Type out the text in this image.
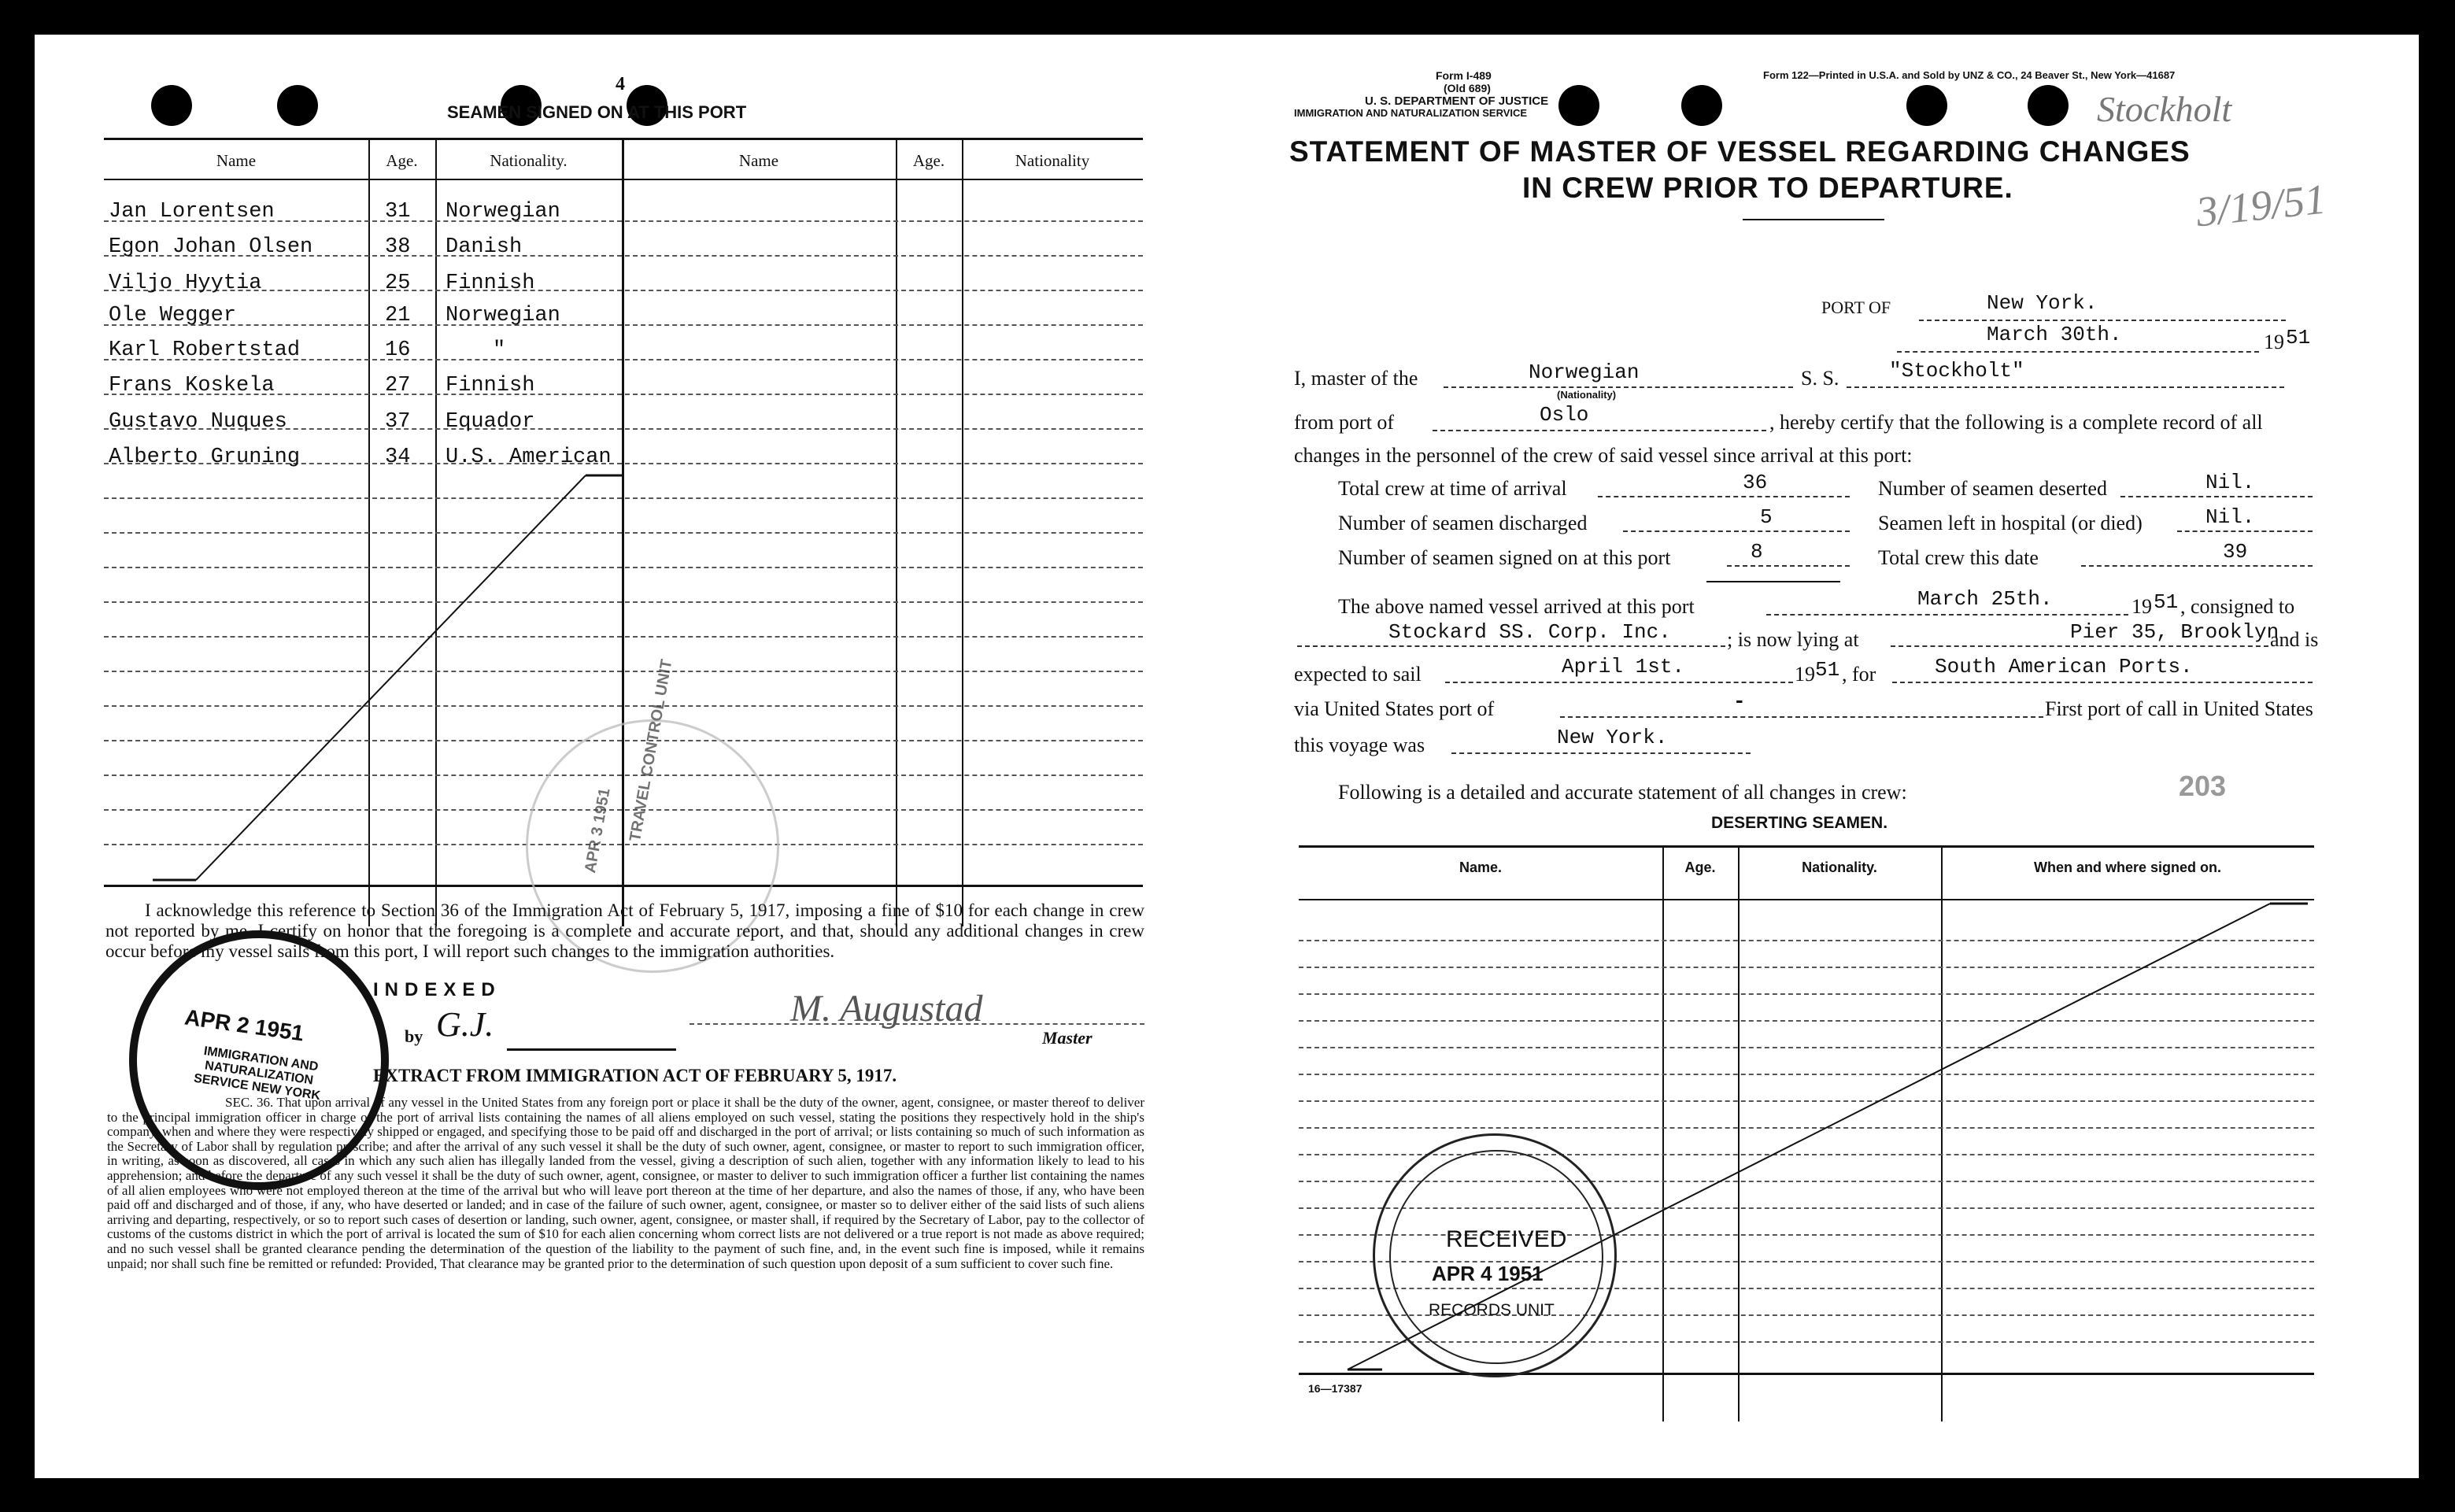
4
SEAMEN SIGNED ON AT THIS PORT
Name	Age.	Nationality.	Name	Age.	Nationality
Jan Lorentsen	31 Norwegian
Egon Johan Olsen	38 Danish
Viljo Hyytia	25 Finnish
Ole Wegger	21 Norwegian
Karl Robertstad	16	"
Frans Koskela	27 Finnish
Gustavo Nuques	37 Equador
Alberto Gruning	34 U.S. American
TRAVEL CONTROL UNIT
APR 3 1951
I acknowledge this reference to Section 36 of the Immigration Act of February 5, 1917, imposing a fine of $10 for each change in crew not reported by me. I certify on honor that the foregoing is a complete and accurate report, and that, should any additional changes in crew occur before my vessel sails from this port, I will report such changes to the immigration authorities.
INDEXED
by G.J.	M. Augustad
Master
APR 2 1951
IMMIGRATION AND NATURALIZATION SERVICE NEW YORK	EXTRACT FROM IMMIGRATION ACT OF FEBRUARY 5, 1917.
SEC. 36. That upon arrival of any vessel in the United States from any foreign port or place it shall be the duty of the owner, agent, consignee, or master thereof to deliver to the principal immigration officer in charge of the port of arrival lists containing the names of all aliens employed on such vessel, stating the positions they respectively hold in the ship's company, when and where they were respectively shipped or engaged, and specifying those to be paid off and discharged in the port of arrival; or lists containing so much of such information as the Secretary of Labor shall by regulation prescribe; and after the arrival of any such vessel it shall be the duty of such owner, agent, consignee, or master to report to such immigration officer, in writing, as soon as discovered, all cases in which any such alien has illegally landed from the vessel, giving a description of such alien, together with any information likely to lead to his apprehension; and before the departure of any such vessel it shall be the duty of such owner, agent, consignee, or master to deliver to such immigration officer a further list containing the names of all alien employees who were not employed thereon at the time of the arrival but who will leave port thereon at the time of her departure, and also the names of those, if any, who have been paid off and discharged and of those, if any, who have deserted or landed; and in case of the failure of such owner, agent, consignee, or master so to deliver either of the said lists of such aliens arriving and departing, respectively, or so to report such cases of desertion or landing, such owner, agent, consignee, or master shall, if required by the Secretary of Labor, pay to the collector of customs of the customs district in which the port of arrival is located the sum of $10 for each alien concerning whom correct lists are not delivered or a true report is not made as above required; and no such vessel shall be granted clearance pending the determination of the question of the liability to the payment of such fine, and, in the event such fine is imposed, while it remains unpaid; nor shall such fine be remitted or refunded: Provided, That clearance may be granted prior to the determination of such question upon deposit of a sum sufficient to cover such fine.
Form I-489
(Old 689)
U. S. DEPARTMENT OF JUSTICE
IMMIGRATION AND NATURALIZATION SERVICE
Form 122—Printed in U.S.A. and Sold by UNZ & CO., 24 Beaver St., New York—41687
Stockholt
3/19/51
STATEMENT OF MASTER OF VESSEL REGARDING CHANGES
IN CREW PRIOR TO DEPARTURE.
PORT OF	New York.
March 30th.	19 51
I, master of the	Norwegian
(Nationality)
S. S. "Stockholt"
from port of	Oslo	, hereby certify that the following is a complete record of all
changes in the personnel of the crew of said vessel since arrival at this port:
Total crew at time of arrival	36	Number of seamen deserted	Nil.
Number of seamen discharged	5	Seamen left in hospital (or died)	Nil.
Number of seamen signed on at this port	8	Total crew this date	39
The above named vessel arrived at this port	March 25th.	19 51 , consigned to
Stockard SS. Corp. Inc.	; is now lying at	Pier 35, Brooklyn
and is
expected to sail	April 1st.	19 51 , for	South American Ports.
via United States port of	-	First port of call in United States
this voyage was	New York.
Following is a detailed and accurate statement of all changes in crew:	203
DESERTING SEAMEN.
Name.	Age.	Nationality.	When and where signed on.
RECEIVED
APR 4 1951
RECORDS UNIT
16—17387
